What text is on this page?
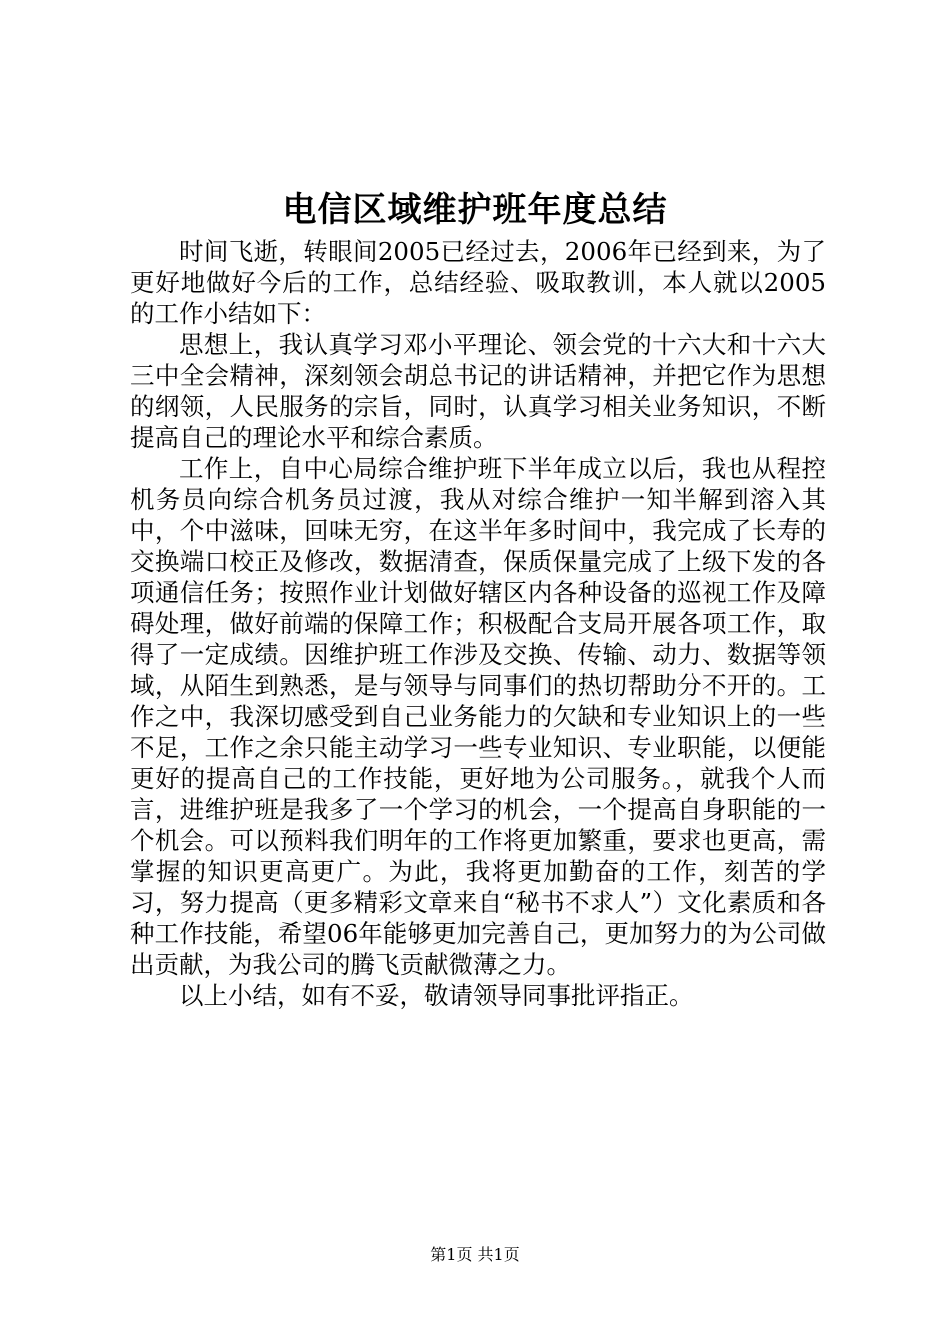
电信区域维护班年度总结

时间飞逝，转眼间2005已经过去，2006年已经到来，为了更好地做好今后的工作，总结经验、吸取教训，本人就以2005的工作小结如下：

思想上，我认真学习邓小平理论、领会党的十六大和十六大三中全会精神，深刻领会胡总书记的讲话精神，并把它作为思想的纲领，人民服务的宗旨，同时，认真学习相关业务知识，不断提高自己的理论水平和综合素质。

工作上，自中心局综合维护班下半年成立以后，我也从程控机务员向综合机务员过渡，我从对综合维护一知半解到溶入其中，个中滋味，回味无穷，在这半年多时间中，我完成了长寿的交换端口校正及修改，数据清查，保质保量完成了上级下发的各项通信任务；按照作业计划做好辖区内各种设备的巡视工作及障碍处理，做好前端的保障工作；积极配合支局开展各项工作，取得了一定成绩。因维护班工作涉及交换、传输、动力、数据等领域，从陌生到熟悉，是与领导与同事们的热切帮助分不开的。工作之中，我深切感受到自己业务能力的欠缺和专业知识上的一些不足，工作之余只能主动学习一些专业知识、专业职能，以便能更好的提高自己的工作技能，更好地为公司服务。，就我个人而言，进维护班是我多了一个学习的机会，一个提高自身职能的一个机会。可以预料我们明年的工作将更加繁重，要求也更高，需掌握的知识更高更广。为此，我将更加勤奋的工作，刻苦的学习，努力提高（更多精彩文章来自“秘书不求人”）文化素质和各种工作技能，希望06年能够更加完善自己，更加努力的为公司做出贡献，为我公司的腾飞贡献微薄之力。

以上小结，如有不妥，敬请领导同事批评指正。

第1页 共1页
